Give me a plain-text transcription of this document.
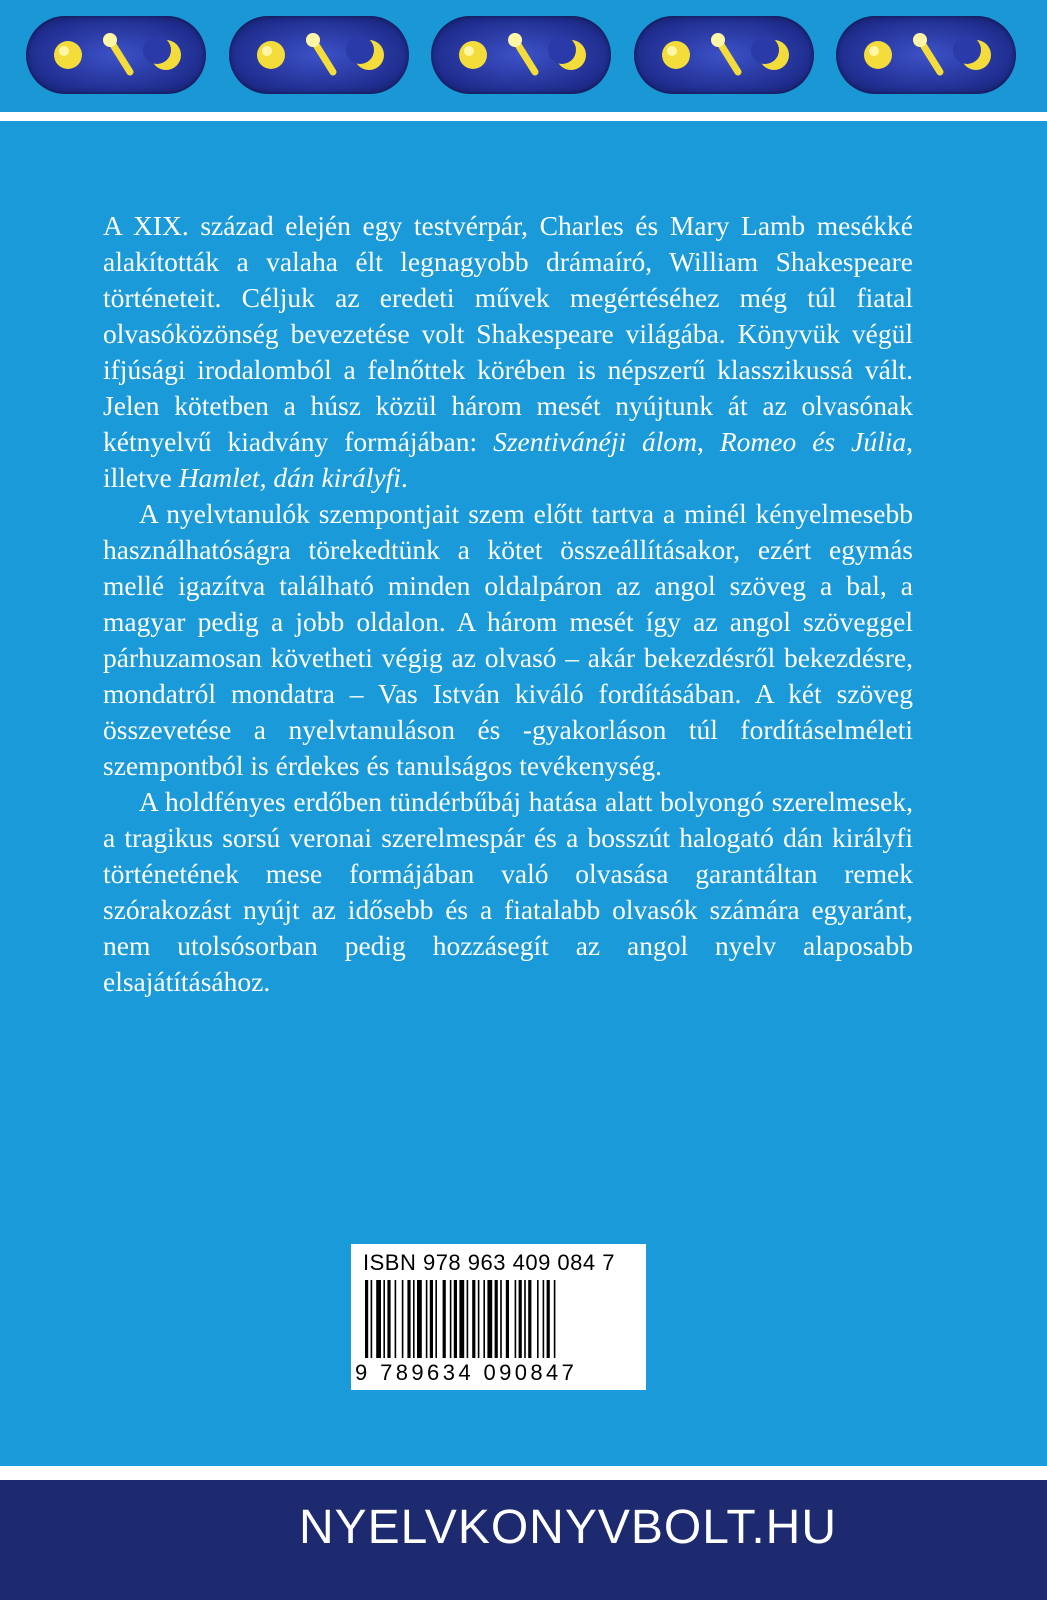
A XIX. század elején egy testvérpár, Charles és Mary Lamb mesékké alakították a valaha élt legnagyobb drámaíró, William Shakespeare történeteit. Céljuk az eredeti művek megértéséhez még túl fiatal olvasóközönség bevezetése volt Shakespeare világába. Könyvük végül ifjúsági irodalomból a felnőttek körében is népszerű klasszikussá vált. Jelen kötetben a húsz közül három mesét nyújtunk át az olvasónak kétnyelvű kiadvány formájában: Szentivánéji álom, Romeo és Júlia, illetve Hamlet, dán királyfi.

A nyelvtanulók szempontjait szem előtt tartva a minél kényelmesebb használhatóságra törekedtünk a kötet összeállításakor, ezért egymás mellé igazítva található minden oldalpáron az angol szöveg a bal, a magyar pedig a jobb oldalon. A három mesét így az angol szöveggel párhuzamosan követheti végig az olvasó – akár bekezdésről bekezdésre, mondatról mondatra – Vas István kiváló fordításában. A két szöveg összevetése a nyelvtanuláson és -gyakorláson túl fordításelméleti szempontból is érdekes és tanulságos tevékenység.

A holdfényes erdőben tündérbűbáj hatása alatt bolyongó szerelmesek, a tragikus sorsú veronai szerelmespár és a bosszút halogató dán királyfi történetének mese formájában való olvasása garantáltan remek szórakozást nyújt az idősebb és a fiatalabb olvasók számára egyaránt, nem utolsósorban pedig hozzásegít az angol nyelv alaposabb elsajátításához.

ISBN 978 963 409 084 7
9 789634 090847
NYELVKONYVBOLT.HU
